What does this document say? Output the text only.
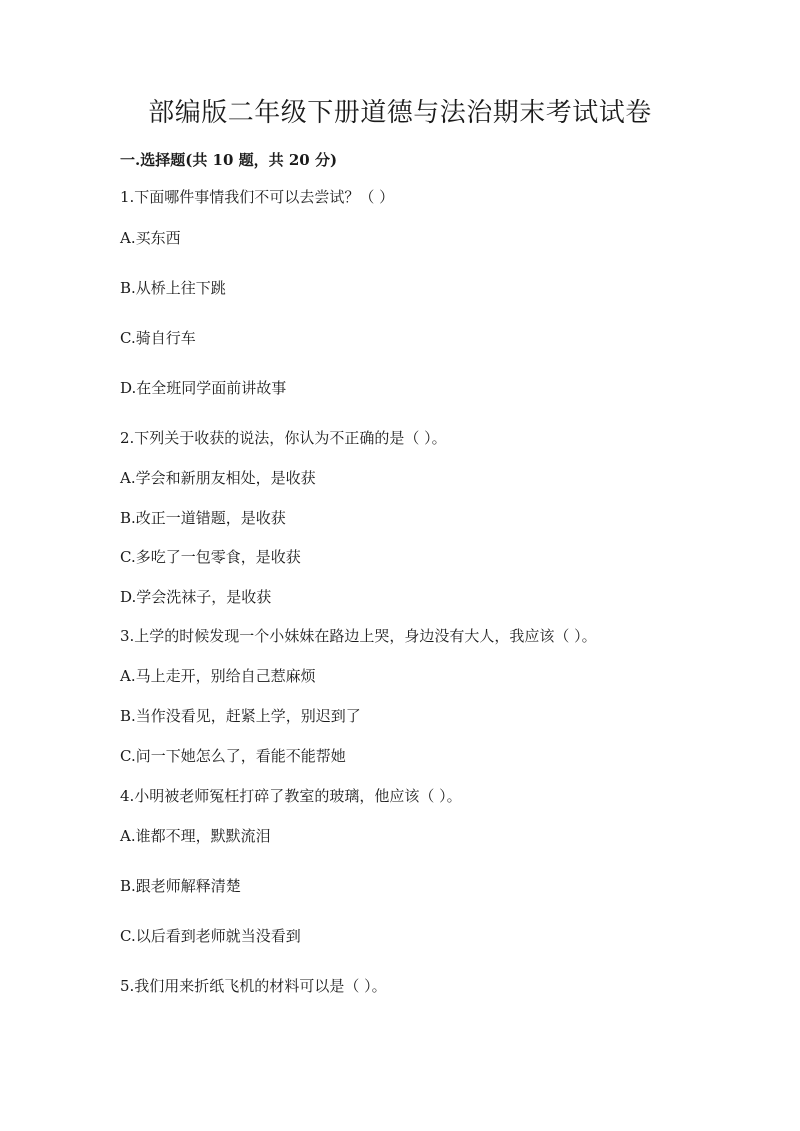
部编版二年级下册道德与法治期末考试试卷
一.选择题(共 10 题，共 20 分)
1.下面哪件事情我们不可以去尝试？（ ）
A.买东西
B.从桥上往下跳
C.骑自行车
D.在全班同学面前讲故事
2.下列关于收获的说法，你认为不正确的是（ ）。
A.学会和新朋友相处，是收获
B.改正一道错题，是收获
C.多吃了一包零食，是收获
D.学会洗袜子，是收获
3.上学的时候发现一个小妹妹在路边上哭，身边没有大人，我应该（ ）。
A.马上走开，别给自己惹麻烦
B.当作没看见，赶紧上学，别迟到了
C.问一下她怎么了，看能不能帮她
4.小明被老师冤枉打碎了教室的玻璃，他应该（ ）。
A.谁都不理，默默流泪
B.跟老师解释清楚
C.以后看到老师就当没看到
5.我们用来折纸飞机的材料可以是（ ）。
